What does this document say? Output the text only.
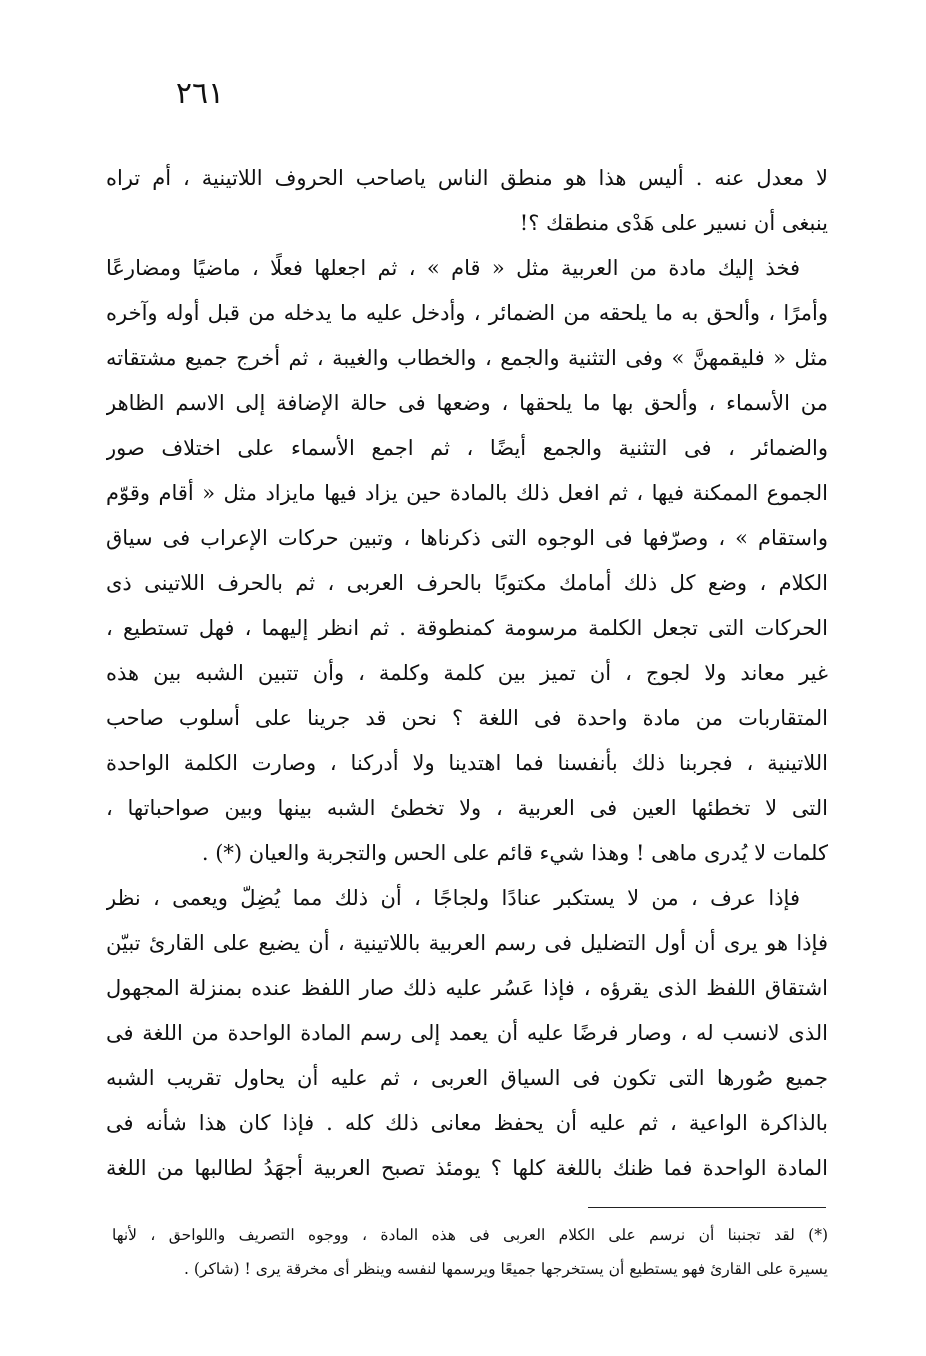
٢٦١
لا معدل عنه . أليس هذا هو منطق الناس ياصاحب الحروف اللاتينية ، أم تراه
ينبغى أن نسير على هَدْى منطقك ؟!
فخذ إليك مادة من العربية مثل « قام » ، ثم اجعلها فعلًا ، ماضيًا ومضارعًا
وأمرًا ، وألحق به ما يلحقه من الضمائر ، وأدخل عليه ما يدخله من قبل أوله وآخره
مثل « فليقمهنَّ » وفى التثنية والجمع ، والخطاب والغيبة ، ثم أخرج جميع مشتقاته
من الأسماء ، وألحق بها ما يلحقها ، وضعها فى حالة الإضافة إلى الاسم الظاهر
والضمائر ، فى التثنية والجمع أيضًا ، ثم اجمع الأسماء على اختلاف صور
الجموع الممكنة فيها ، ثم افعل ذلك بالمادة حين يزاد فيها مايزاد مثل « أقام وقوّم
واستقام » ، وصرّفها فى الوجوه التى ذكرناها ، وتبين حركات الإعراب فى سياق
الكلام ، وضع كل ذلك أمامك مكتوبًا بالحرف العربى ، ثم بالحرف اللاتينى ذى
الحركات التى تجعل الكلمة مرسومة كمنطوقة . ثم انظر إليهما ، فهل تستطيع ،
غير معاند ولا لجوج ، أن تميز بين كلمة وكلمة ، وأن تتبين الشبه بين هذه
المتقاربات من مادة واحدة فى اللغة ؟ نحن قد جرينا على أسلوب صاحب
اللاتينية ، فجربنا ذلك بأنفسنا فما اهتدينا ولا أدركنا ، وصارت الكلمة الواحدة
التى لا تخطئها العين فى العربية ، ولا تخطئ الشبه بينها وبين صواحباتها ،
كلمات لا يُدرى ماهى ! وهذا شيء قائم على الحس والتجربة والعيان (*) .
فإذا عرف ، من لا يستكبر عنادًا ولجاجًا ، أن ذلك مما يُضِلّ ويعمى ، نظر
فإذا هو يرى أن أول التضليل فى رسم العربية باللاتينية ، أن يضيع على القارئ تبيّن
اشتقاق اللفظ الذى يقرؤه ، فإذا عَسُر عليه ذلك صار اللفظ عنده بمنزلة المجهول
الذى لانسب له ، وصار فرضًا عليه أن يعمد إلى رسم المادة الواحدة من اللغة فى
جميع صُورها التى تكون فى السياق العربى ، ثم عليه أن يحاول تقريب الشبه
بالذاكرة الواعية ، ثم عليه أن يحفظ معانى ذلك كله . فإذا كان هذا شأنه فى
المادة الواحدة فما ظنك باللغة كلها ؟ يومئذ تصبح العربية أجهَدُ لطالبها من اللغة
(*) لقد تجنبنا أن نرسم على الكلام العربى فى هذه المادة ، ووجوه التصريف واللواحق ، لأنها
يسيرة على القارئ فهو يستطيع أن يستخرجها جميعًا ويرسمها لنفسه وينظر أى مخرقة يرى ! (شاكر) .
